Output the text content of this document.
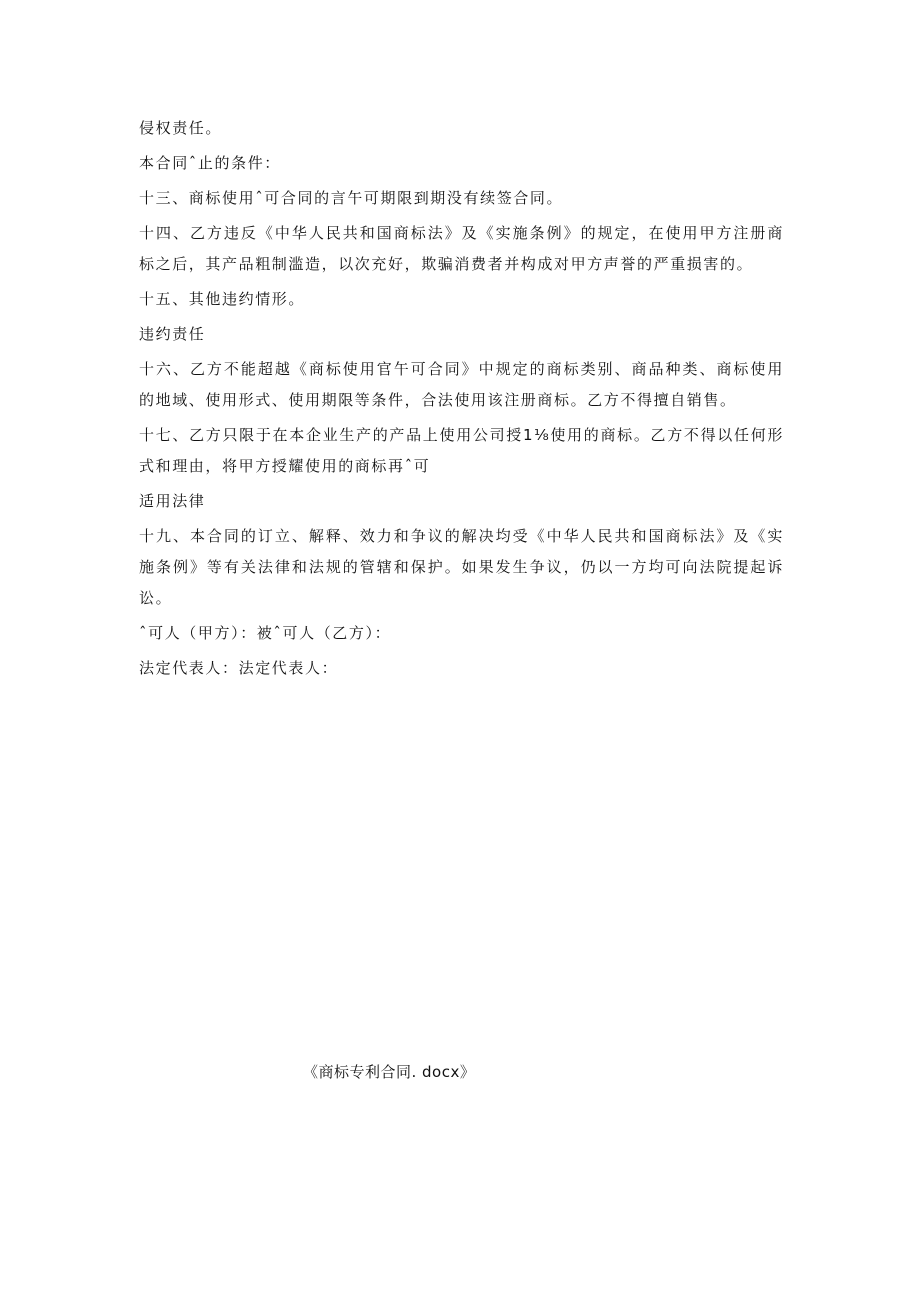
侵权责任。

本合同ˆ止的条件：

十三、商标使用ˆ可合同的言午可期限到期没有续签合同。

十四、乙方违反《中华人民共和国商标法》及《实施条例》的规定，在使用甲方注册商标之后，其产品粗制滥造，以次充好，欺骗消费者并构成对甲方声誉的严重损害的。

十五、其他违约情形。

违约责任

十六、乙方不能超越《商标使用官午可合同》中规定的商标类别、商品种类、商标使用的地域、使用形式、使用期限等条件，合法使用该注册商标。乙方不得擅自销售。

十七、乙方只限于在本企业生产的产品上使用公司授1⅛使用的商标。乙方不得以任何形式和理由，将甲方授耀使用的商标再ˆ可

适用法律

十九、本合同的订立、解释、效力和争议的解决均受《中华人民共和国商标法》及《实施条例》等有关法律和法规的管辖和保护。如果发生争议，仍以一方均可向法院提起诉讼。

ˆ可人（甲方）：被ˆ可人（乙方）：

法定代表人：法定代表人：

《商标专利合同. docx》
